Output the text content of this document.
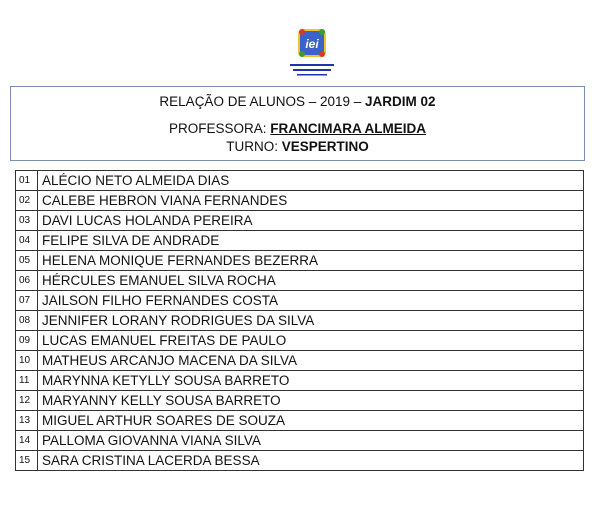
iei
RELAÇÃO DE ALUNOS – 2019 – JARDIM 02
PROFESSORA: FRANCIMARA ALMEIDA
TURNO: VESPERTINO
01	ALÉCIO NETO ALMEIDA DIAS
02	CALEBE HEBRON VIANA FERNANDES
03	DAVI LUCAS HOLANDA PEREIRA
04	FELIPE SILVA DE ANDRADE
05	HELENA MONIQUE FERNANDES BEZERRA
06	HÉRCULES EMANUEL SILVA ROCHA
07	JAILSON FILHO FERNANDES COSTA
08	JENNIFER LORANY RODRIGUES DA SILVA
09	LUCAS EMANUEL FREITAS DE PAULO
10	MATHEUS ARCANJO MACENA DA SILVA
11	MARYNNA KETYLLY SOUSA BARRETO
12	MARYANNY KELLY SOUSA BARRETO
13	MIGUEL ARTHUR SOARES DE SOUZA
14	PALLOMA GIOVANNA VIANA SILVA
15	SARA CRISTINA LACERDA BESSA
